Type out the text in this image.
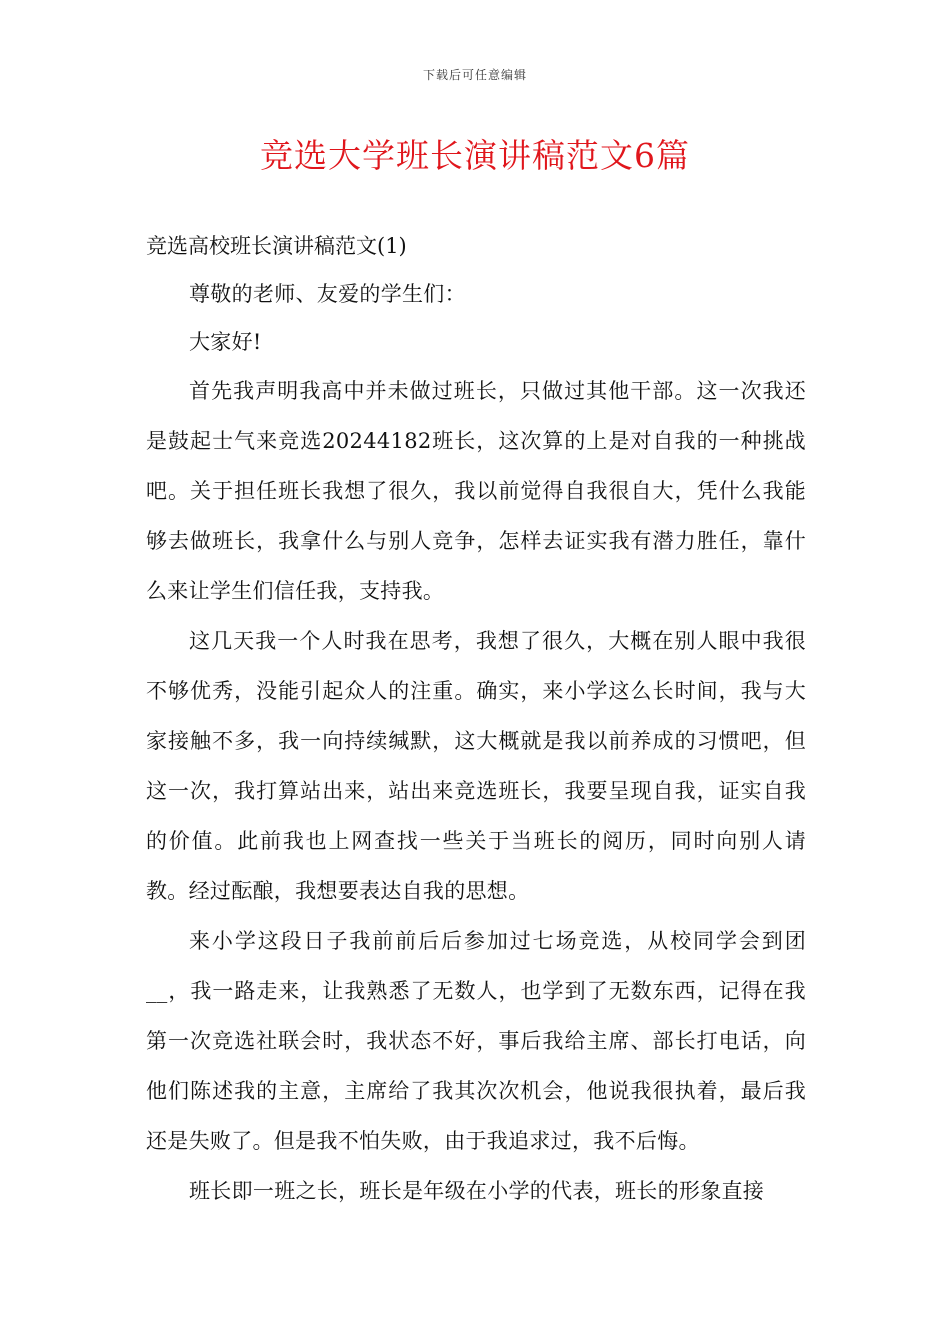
下载后可任意编辑
竞选大学班长演讲稿范文6篇

竞选高校班长演讲稿范文(1)

尊敬的老师、友爱的学生们：

大家好!

首先我声明我高中并未做过班长，只做过其他干部。这一次我还是鼓起士气来竞选20244182班长，这次算的上是对自我的一种挑战吧。关于担任班长我想了很久，我以前觉得自我很自大，凭什么我能够去做班长，我拿什么与别人竞争，怎样去证实我有潜力胜任，靠什么来让学生们信任我，支持我。

这几天我一个人时我在思考，我想了很久，大概在别人眼中我很不够优秀，没能引起众人的注重。确实，来小学这么长时间，我与大家接触不多，我一向持续缄默，这大概就是我以前养成的习惯吧，但这一次，我打算站出来，站出来竞选班长，我要呈现自我，证实自我的价值。此前我也上网查找一些关于当班长的阅历，同时向别人请教。经过酝酿，我想要表达自我的思想。

来小学这段日子我前前后后参加过七场竞选，从校同学会到团__，我一路走来，让我熟悉了无数人，也学到了无数东西，记得在我第一次竞选社联会时，我状态不好，事后我给主席、部长打电话，向他们陈述我的主意，主席给了我其次次机会，他说我很执着，最后我还是失败了。但是我不怕失败，由于我追求过，我不后悔。

班长即一班之长，班长是年级在小学的代表，班长的形象直接
